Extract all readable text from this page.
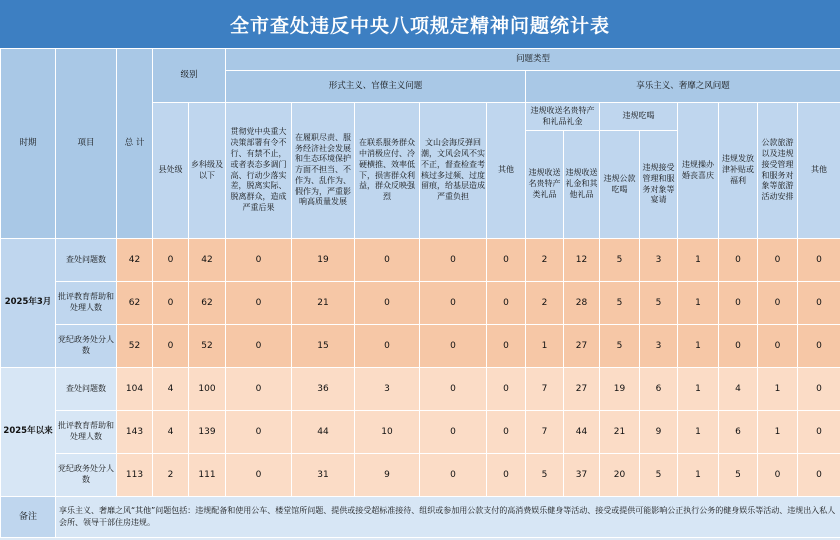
全市查处违反中央八项规定精神问题统计表
时期	项目	总 计	级别		问题类型												
					形式主义、官僚主义问题					享乐主义、奢靡之风问题							
			县处级	乡科级及以下	贯彻党中央重大决策部署有令不行、有禁不止，或者表态多调门高、行动少落实差，脱离实际、脱离群众，造成严重后果	在履职尽责、服务经济社会发展和生态环境保护方面不担当、不作为、乱作为、假作为，严重影响高质量发展	在联系服务群众中消极应付、冷硬横推、效率低下，损害群众利益，群众反映强烈	文山会海反弹回潮，文风会风不实不正，督查检查考核过多过频、过度留痕，给基层造成严重负担	其他	违规收送名贵特产和礼品礼金		违规吃喝		违规操办婚丧喜庆	违规发放津补贴或福利	公款旅游以及违规接受管理和服务对象等旅游活动安排	其他
										违规收送名贵特产类礼品	违规收送礼金和其他礼品	违规公款吃喝	违规接受管理和服务对象等宴请				

2025年3月	查处问题数	42	0	42	0	19	0	0	0	2	12	5	3	1	0	0	0
	批评教育帮助和处理人数	62	0	62	0	21	0	0	0	2	28	5	5	1	0	0	0
	党纪政务处分人数	52	0	52	0	15	0	0	0	1	27	5	3	1	0	0	0
2025年以来	查处问题数	104	4	100	0	36	3	0	0	7	27	19	6	1	4	1	0
	批评教育帮助和处理人数	143	4	139	0	44	10	0	0	7	44	21	9	1	6	1	0
	党纪政务处分人数	113	2	111	0	31	9	0	0	5	37	20	5	1	5	0	0
备注	享乐主义、奢靡之风“其他”问题包括：违规配备和使用公车、楼堂馆所问题、提供或接受超标准接待、组织或参加用公款支付的高消费娱乐健身等活动、接受或提供可能影响公正执行公务的健身娱乐等活动、违规出入私人会所、领导干部住房违规。																
